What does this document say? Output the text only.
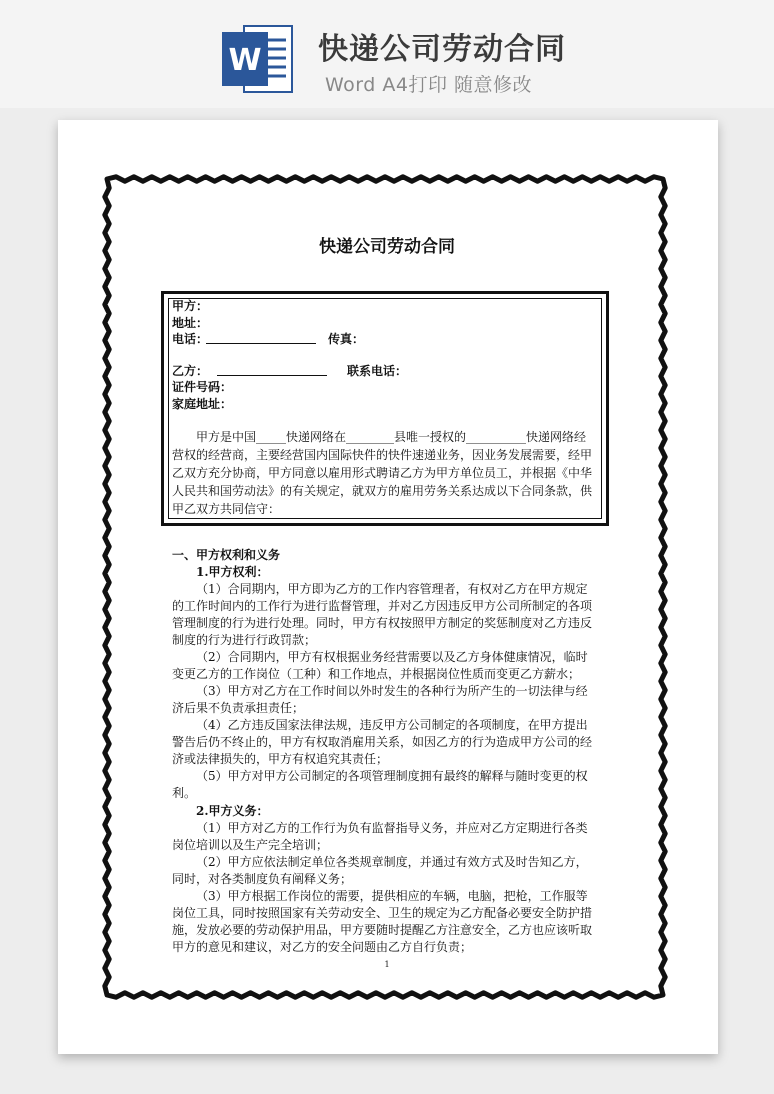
W 快递公司劳动合同
Word A4打印 随意修改
快递公司劳动合同
甲方：
地址：
电话：	传真：
乙方：	联系电话：
证件号码：
家庭地址：
甲方是中国_____快递网络在________县唯一授权的__________快递网络经
营权的经营商，主要经营国内国际快件的快件速递业务，因业务发展需要，经甲
乙双方充分协商，甲方同意以雇用形式聘请乙方为甲方单位员工，并根据《中华
人民共和国劳动法》的有关规定，就双方的雇用劳务关系达成以下合同条款，供
甲乙双方共同信守：
一、甲方权利和义务
1.甲方权利：
（1）合同期内，甲方即为乙方的工作内容管理者，有权对乙方在甲方规定
的工作时间内的工作行为进行监督管理，并对乙方因违反甲方公司所制定的各项
管理制度的行为进行处理。同时，甲方有权按照甲方制定的奖惩制度对乙方违反
制度的行为进行行政罚款；
（2）合同期内，甲方有权根据业务经营需要以及乙方身体健康情况，临时
变更乙方的工作岗位（工种）和工作地点，并根据岗位性质而变更乙方薪水；
（3）甲方对乙方在工作时间以外时发生的各种行为所产生的一切法律与经
济后果不负责承担责任；
（4）乙方违反国家法律法规，违反甲方公司制定的各项制度，在甲方提出
警告后仍不终止的，甲方有权取消雇用关系，如因乙方的行为造成甲方公司的经
济或法律损失的，甲方有权追究其责任；
（5）甲方对甲方公司制定的各项管理制度拥有最终的解释与随时变更的权
利。
2.甲方义务：
（1）甲方对乙方的工作行为负有监督指导义务，并应对乙方定期进行各类
岗位培训以及生产完全培训；
（2）甲方应依法制定单位各类规章制度，并通过有效方式及时告知乙方，
同时，对各类制度负有阐释义务；
（3）甲方根据工作岗位的需要，提供相应的车辆，电脑，把枪，工作服等
岗位工具，同时按照国家有关劳动安全、卫生的规定为乙方配备必要安全防护措
施，发放必要的劳动保护用品，甲方要随时提醒乙方注意安全，乙方也应该听取
甲方的意见和建议，对乙方的安全问题由乙方自行负责；
1
